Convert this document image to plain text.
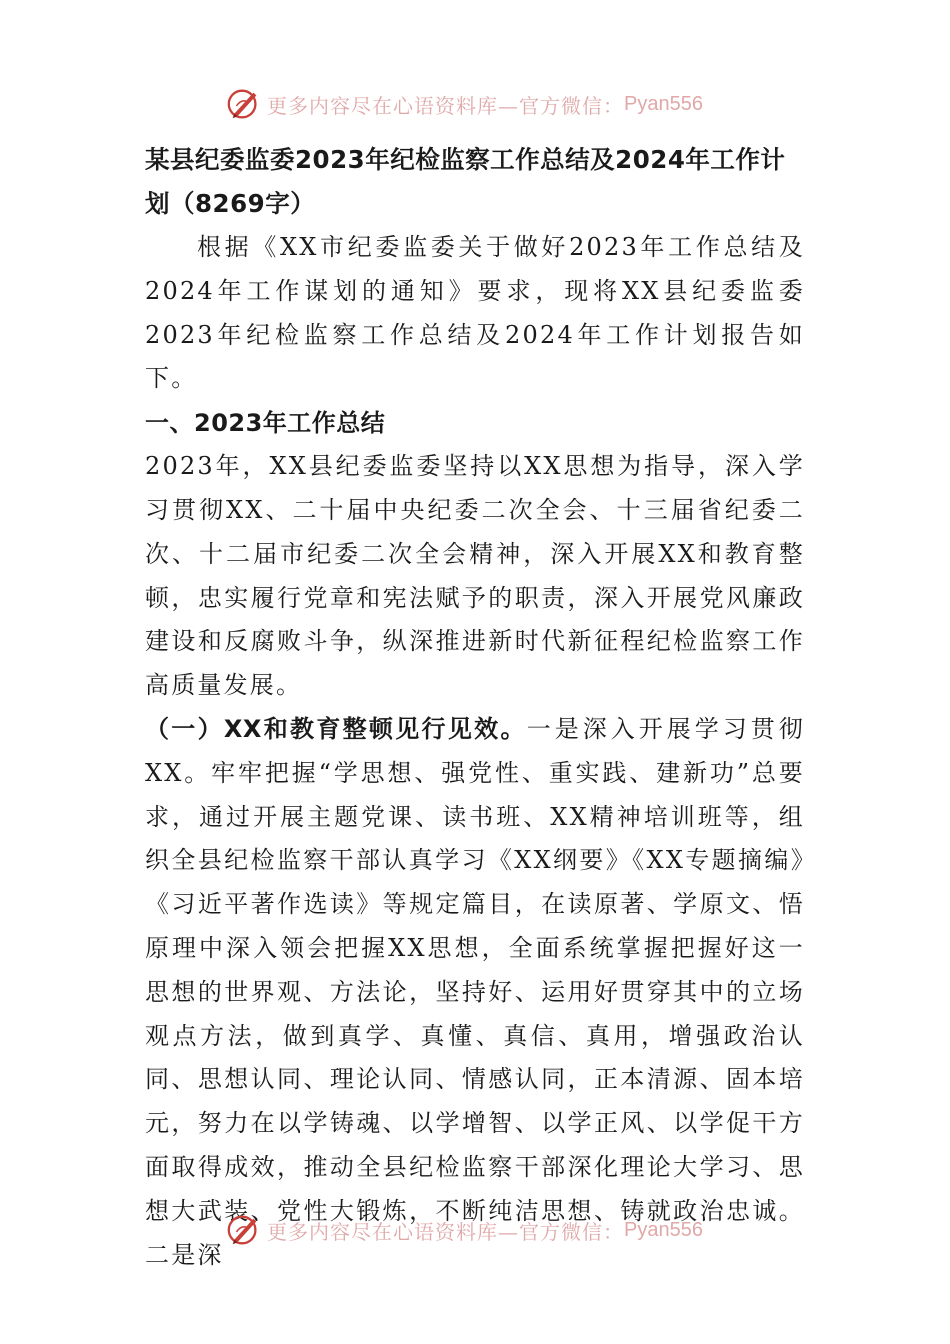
更多内容尽在心语资料库—官方微信： Pyan556

某县纪委监委2023年纪检监察工作总结及2024年工作计划（8269字）

根据《XX市纪委监委关于做好2023年工作总结及2024年工作谋划的通知》要求，现将XX县纪委监委2023年纪检监察工作总结及2024年工作计划报告如下。

一、2023年工作总结

2023年，XX县纪委监委坚持以XX思想为指导，深入学习贯彻XX、二十届中央纪委二次全会、十三届省纪委二次、十二届市纪委二次全会精神，深入开展XX和教育整顿，忠实履行党章和宪法赋予的职责，深入开展党风廉政建设和反腐败斗争，纵深推进新时代新征程纪检监察工作高质量发展。

（一）XX和教育整顿见行见效。一是深入开展学习贯彻XX。牢牢把握“学思想、强党性、重实践、建新功”总要求，通过开展主题党课、读书班、XX精神培训班等，组织全县纪检监察干部认真学习《XX纲要》《XX专题摘编》《习近平著作选读》等规定篇目，在读原著、学原文、悟原理中深入领会把握XX思想，全面系统掌握把握好这一思想的世界观、方法论，坚持好、运用好贯穿其中的立场观点方法，做到真学、真懂、真信、真用，增强政治认同、思想认同、理论认同、情感认同，正本清源、固本培元，努力在以学铸魂、以学增智、以学正风、以学促干方面取得成效，推动全县纪检监察干部深化理论大学习、思想大武装、党性大锻炼，不断纯洁思想、铸就政治忠诚。二是深

更多内容尽在心语资料库—官方微信： Pyan556
